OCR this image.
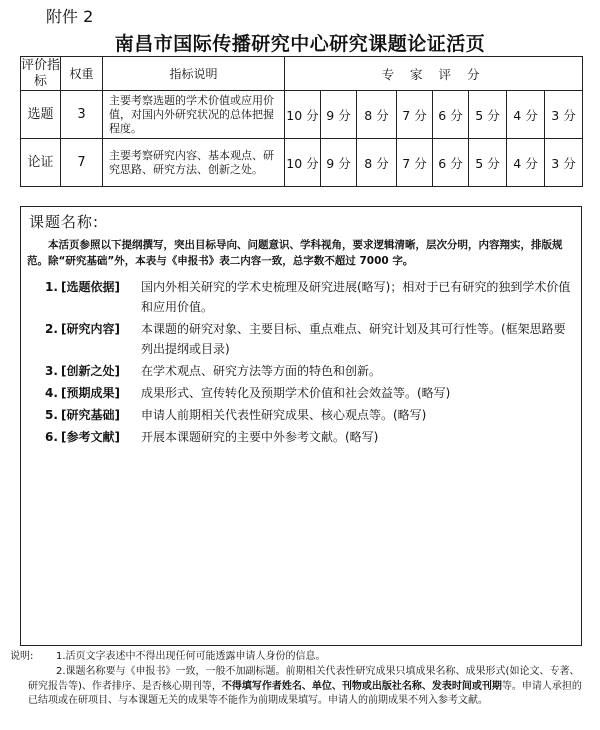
附件 2
南昌市国际传播研究中心研究课题论证活页
评价指标	权重	指标说明	专 家 评 分							
选题	3	主要考察选题的学术价值或应用价值，对国内外研究状况的总体把握程度。	10 分	9 分	8 分	7 分	6 分	5 分	4 分	3 分
论证	7	主要考察研究内容、基本观点、研究思路、研究方法、创新之处。	10 分	9 分	8 分	7 分	6 分	5 分	4 分	3 分
课题名称:
本活页参照以下提纲撰写，突出目标导向、问题意识、学科视角，要求逻辑清晰，层次分明，内容翔实，排版规范。除“研究基础”外，本表与《申报书》表二内容一致，总字数不超过 7000 字。
1. [选题依据] 国内外相关研究的学术史梳理及研究进展(略写)；相对于已有研究的独到学术价值和应用价值。
2. [研究内容] 本课题的研究对象、主要目标、重点难点、研究计划及其可行性等。(框架思路要列出提纲或目录)
3. [创新之处] 在学术观点、研究方法等方面的特色和创新。
4. [预期成果] 成果形式、宣传转化及预期学术价值和社会效益等。(略写)
5. [研究基础] 申请人前期相关代表性研究成果、核心观点等。(略写)
6. [参考文献] 开展本课题研究的主要中外参考文献。(略写)
说明: 1.活页文字表述中不得出现任何可能透露申请人身份的信息。
2.课题名称要与《申报书》一致，一般不加副标题。前期相关代表性研究成果只填成果名称、成果形式(如论文、专著、研究报告等)、作者排序、是否核心期刊等，不得填写作者姓名、单位、刊物或出版社名称、发表时间或刊期等。申请人承担的已结项或在研项目、与本课题无关的成果等不能作为前期成果填写。申请人的前期成果不列入参考文献。
